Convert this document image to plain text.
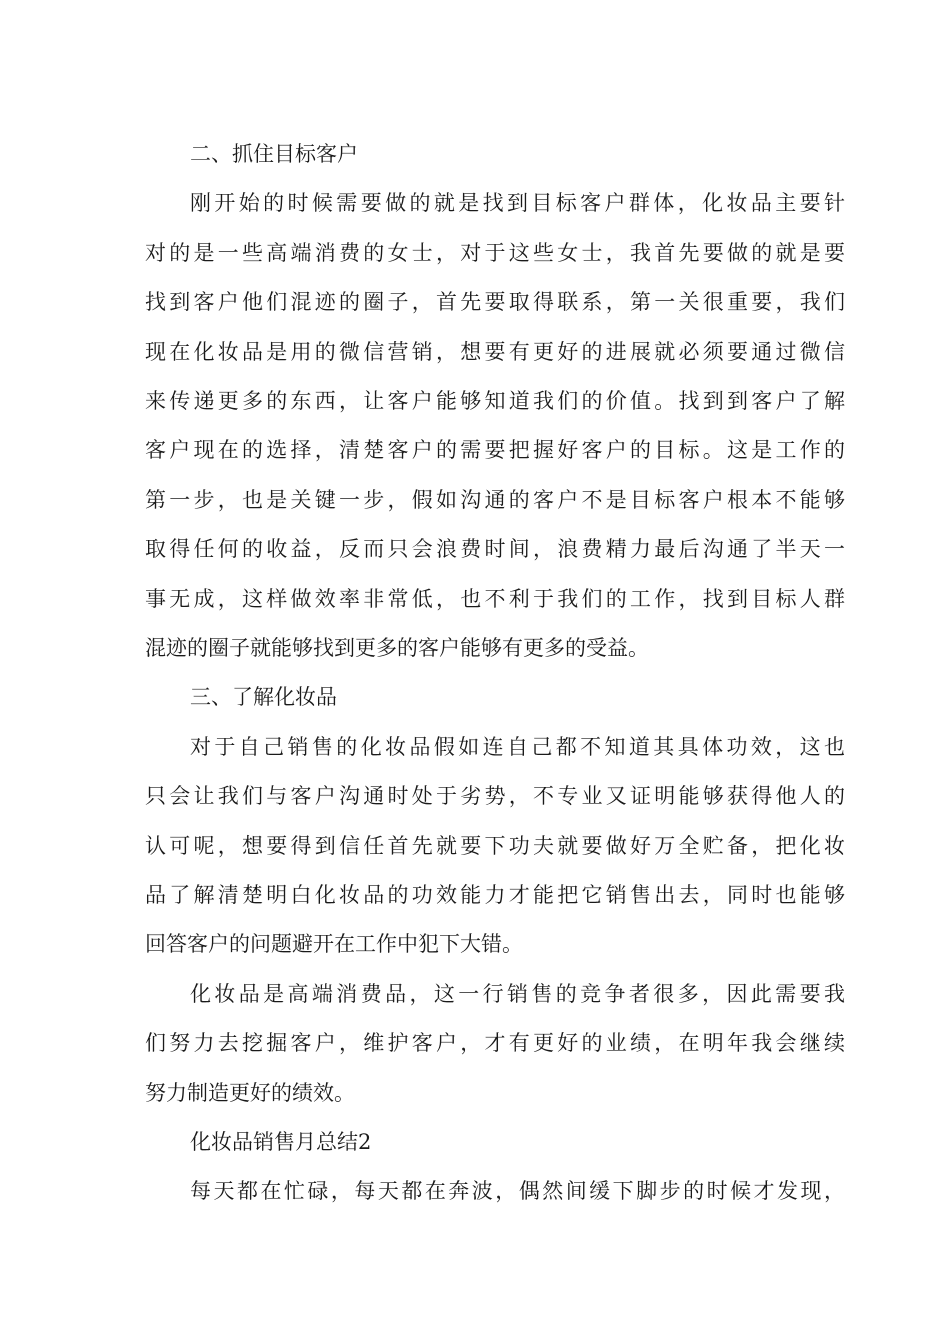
二、抓住目标客户
刚开始的时候需要做的就是找到目标客户群体，化妆品主要针
对的是一些高端消费的女士，对于这些女士，我首先要做的就是要
找到客户他们混迹的圈子，首先要取得联系，第一关很重要，我们
现在化妆品是用的微信营销，想要有更好的进展就必须要通过微信
来传递更多的东西，让客户能够知道我们的价值。找到到客户了解
客户现在的选择，清楚客户的需要把握好客户的目标。这是工作的
第一步，也是关键一步，假如沟通的客户不是目标客户根本不能够
取得任何的收益，反而只会浪费时间，浪费精力最后沟通了半天一
事无成，这样做效率非常低，也不利于我们的工作，找到目标人群
混迹的圈子就能够找到更多的客户能够有更多的受益。
三、了解化妆品
对于自己销售的化妆品假如连自己都不知道其具体功效，这也
只会让我们与客户沟通时处于劣势，不专业又证明能够获得他人的
认可呢，想要得到信任首先就要下功夫就要做好万全贮备，把化妆
品了解清楚明白化妆品的功效能力才能把它销售出去，同时也能够
回答客户的问题避开在工作中犯下大错。
化妆品是高端消费品，这一行销售的竞争者很多，因此需要我
们努力去挖掘客户，维护客户，才有更好的业绩，在明年我会继续
努力制造更好的绩效。
化妆品销售月总结2
每天都在忙碌，每天都在奔波，偶然间缓下脚步的时候才发现，
